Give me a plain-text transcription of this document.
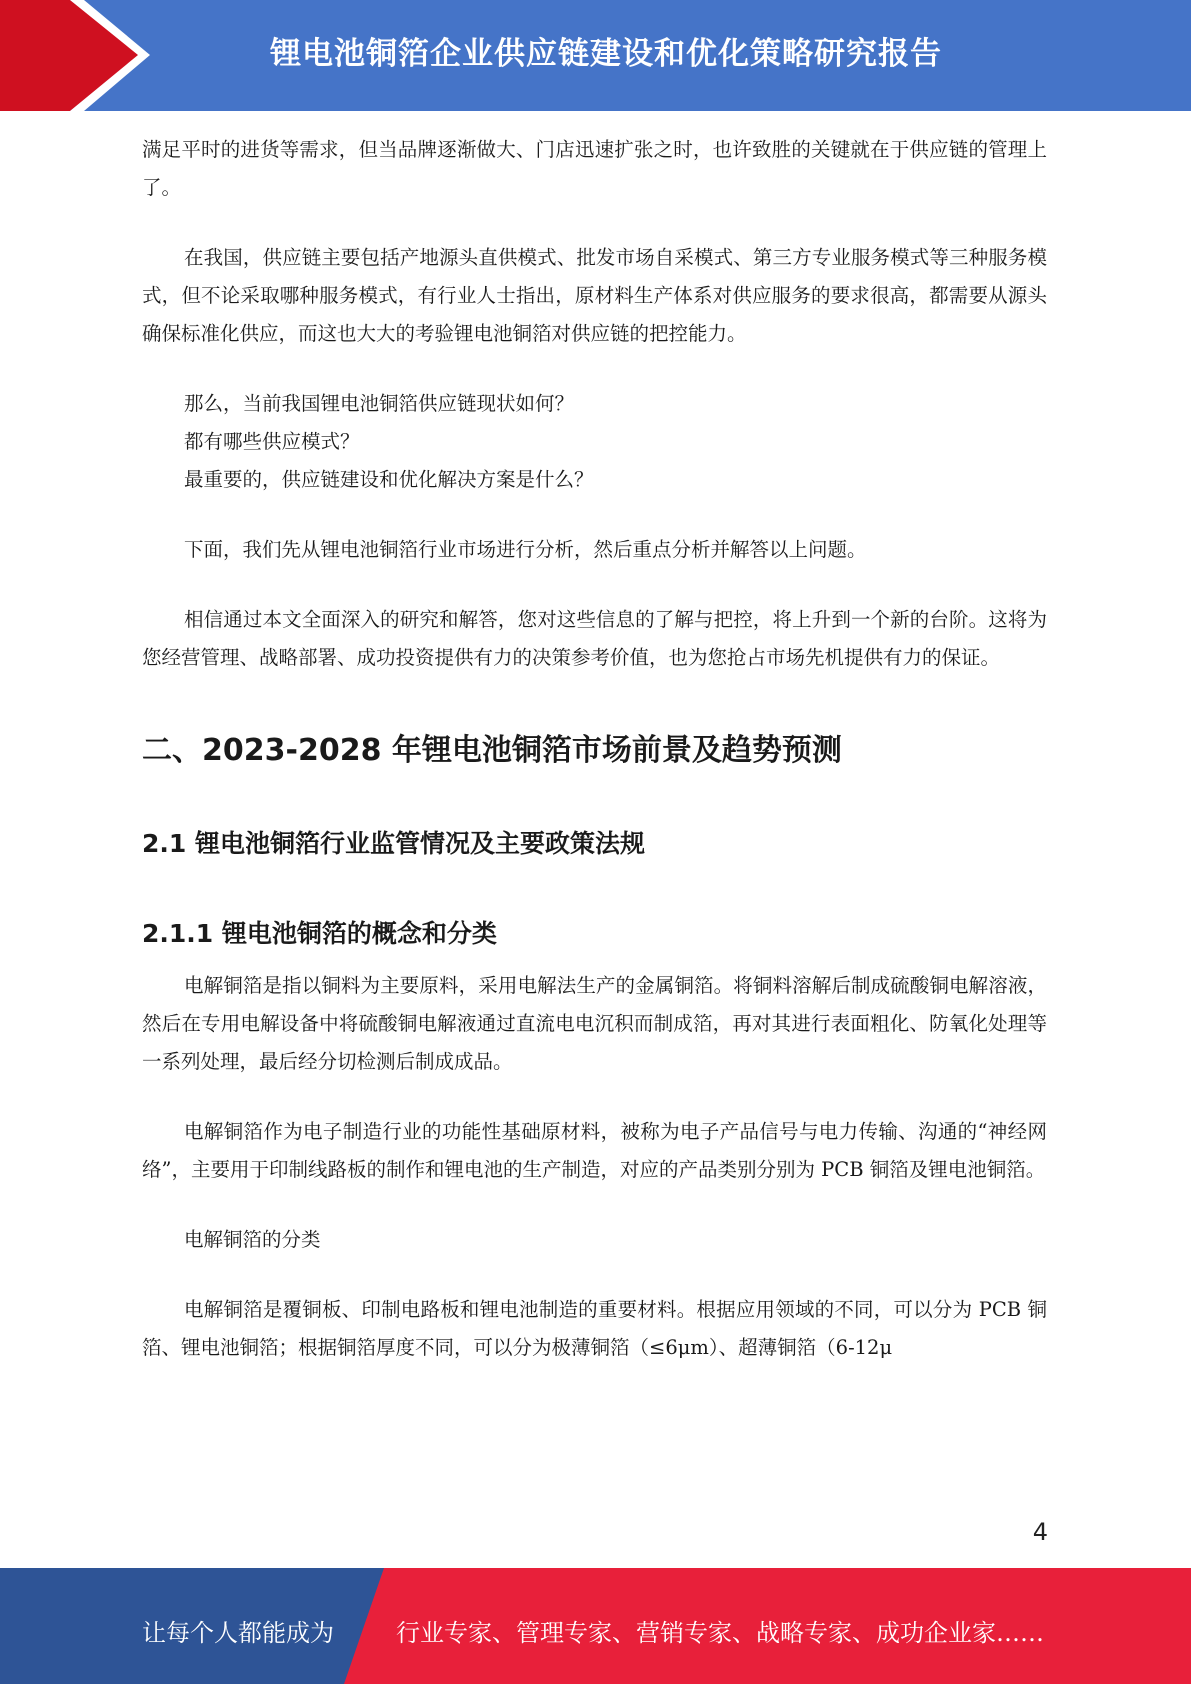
锂电池铜箔企业供应链建设和优化策略研究报告

满足平时的进货等需求，但当品牌逐渐做大、门店迅速扩张之时，也许致胜的关键就在于供应链的管理上了。

在我国，供应链主要包括产地源头直供模式、批发市场自采模式、第三方专业服务模式等三种服务模式，但不论采取哪种服务模式，有行业人士指出，原材料生产体系对供应服务的要求很高，都需要从源头确保标准化供应，而这也大大的考验锂电池铜箔对供应链的把控能力。

那么，当前我国锂电池铜箔供应链现状如何？

都有哪些供应模式？

最重要的，供应链建设和优化解决方案是什么？

下面，我们先从锂电池铜箔行业市场进行分析，然后重点分析并解答以上问题。

相信通过本文全面深入的研究和解答，您对这些信息的了解与把控，将上升到一个新的台阶。这将为您经营管理、战略部署、成功投资提供有力的决策参考价值，也为您抢占市场先机提供有力的保证。

二、2023-2028 年锂电池铜箔市场前景及趋势预测
2.1 锂电池铜箔行业监管情况及主要政策法规
2.1.1 锂电池铜箔的概念和分类

电解铜箔是指以铜料为主要原料，采用电解法生产的金属铜箔。将铜料溶解后制成硫酸铜电解溶液，然后在专用电解设备中将硫酸铜电解液通过直流电电沉积而制成箔，再对其进行表面粗化、防氧化处理等一系列处理，最后经分切检测后制成成品。

电解铜箔作为电子制造行业的功能性基础原材料，被称为电子产品信号与电力传输、沟通的“神经网络”，主要用于印制线路板的制作和锂电池的生产制造，对应的产品类别分别为 PCB 铜箔及锂电池铜箔。

电解铜箔的分类

电解铜箔是覆铜板、印制电路板和锂电池制造的重要材料。根据应用领域的不同，可以分为 PCB 铜箔、锂电池铜箔；根据铜箔厚度不同，可以分为极薄铜箔（≤6μm）、超薄铜箔（6-12μ

4
让每个人都能成为	行业专家、管理专家、营销专家、战略专家、成功企业家……
